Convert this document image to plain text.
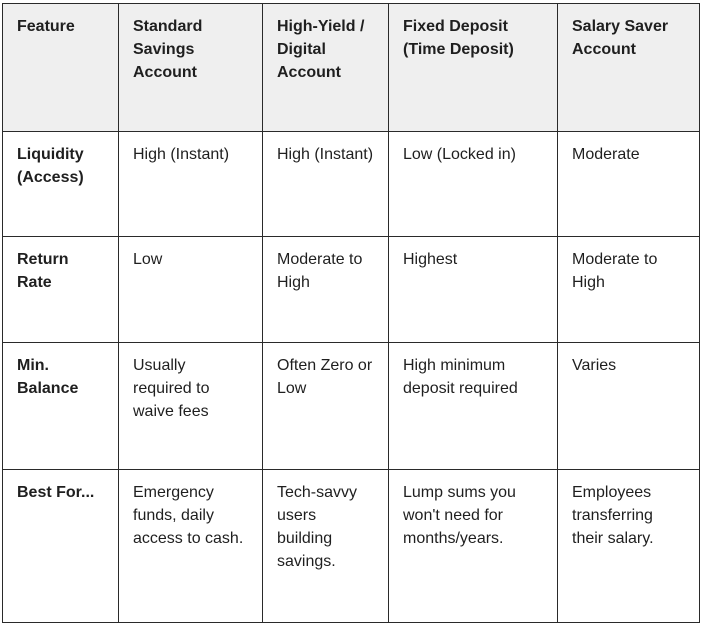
Feature	Standard Savings Account	High-Yield / Digital Account	Fixed Deposit (Time Deposit)	Salary Saver Account
Liquidity (Access)	High (Instant)	High (Instant)	Low (Locked in)	Moderate
Return Rate	Low	Moderate to High	Highest	Moderate to High
Min. Balance	Usually required to waive fees	Often Zero or Low	High minimum deposit required	Varies
Best For...	Emergency funds, daily access to cash.	Tech-savvy users building savings.	Lump sums you won't need for months/years.	Employees transferring their salary.
